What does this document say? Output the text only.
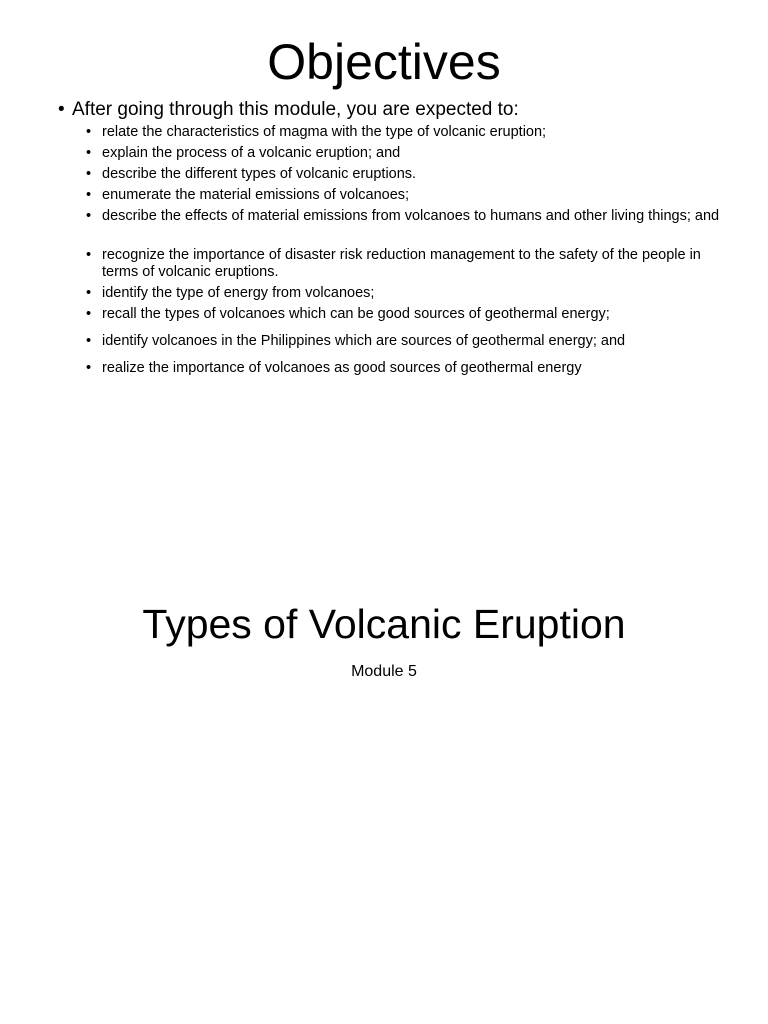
Objectives
• After going through this module, you are expected to:
• relate the characteristics of magma with the type of volcanic eruption;
• explain the process of a volcanic eruption; and
• describe the different types of volcanic eruptions.
• enumerate the material emissions of volcanoes;
• describe the effects of material emissions from volcanoes to humans and other living things; and
• recognize the importance of disaster risk reduction management to the safety of the people in terms of volcanic eruptions.
• identify the type of energy from volcanoes;
• recall the types of volcanoes which can be good sources of geothermal energy;
• identify volcanoes in the Philippines which are sources of geothermal energy; and
• realize the importance of volcanoes as good sources of geothermal energy
Types of Volcanic Eruption
Module 5
